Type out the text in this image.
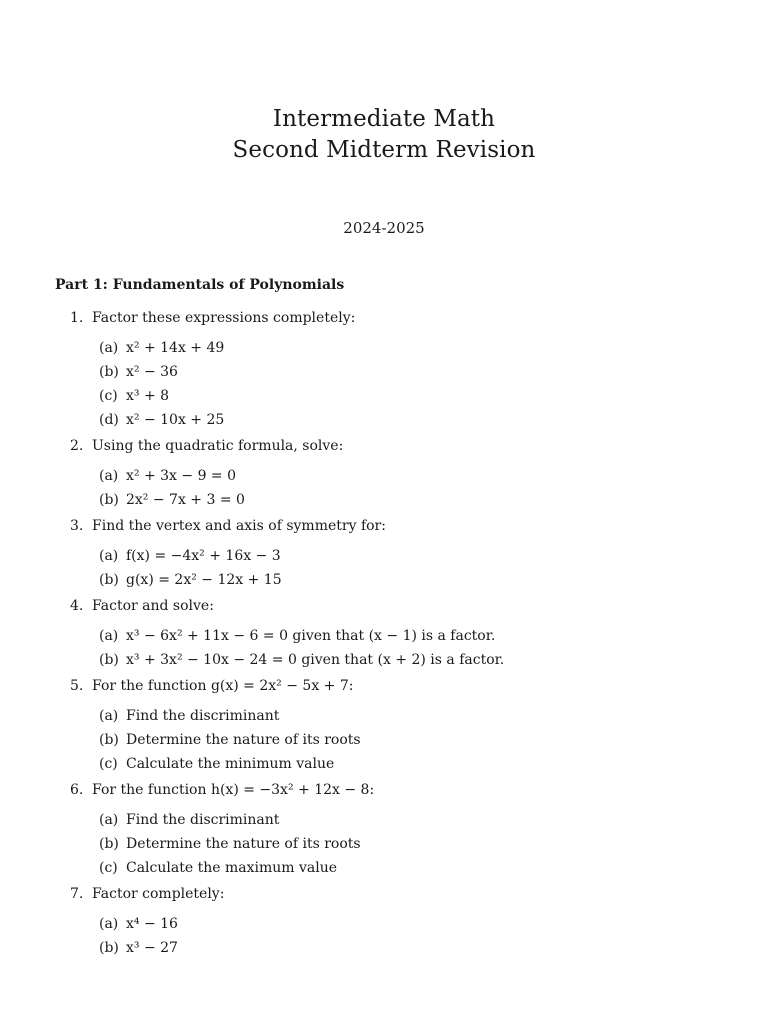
Intermediate Math
Second Midterm Revision
2024-2025
Part 1: Fundamentals of Polynomials
1. Factor these expressions completely:
(a) x² + 14x + 49
(b) x² − 36
(c) x³ + 8
(d) x² − 10x + 25
2. Using the quadratic formula, solve:
(a) x² + 3x − 9 = 0
(b) 2x² − 7x + 3 = 0
3. Find the vertex and axis of symmetry for:
(a) f(x) = −4x² + 16x − 3
(b) g(x) = 2x² − 12x + 15
4. Factor and solve:
(a) x³ − 6x² + 11x − 6 = 0 given that (x − 1) is a factor.
(b) x³ + 3x² − 10x − 24 = 0 given that (x + 2) is a factor.
5. For the function g(x) = 2x² − 5x + 7:
(a) Find the discriminant
(b) Determine the nature of its roots
(c) Calculate the minimum value
6. For the function h(x) = −3x² + 12x − 8:
(a) Find the discriminant
(b) Determine the nature of its roots
(c) Calculate the maximum value
7. Factor completely:
(a) x⁴ − 16
(b) x³ − 27
